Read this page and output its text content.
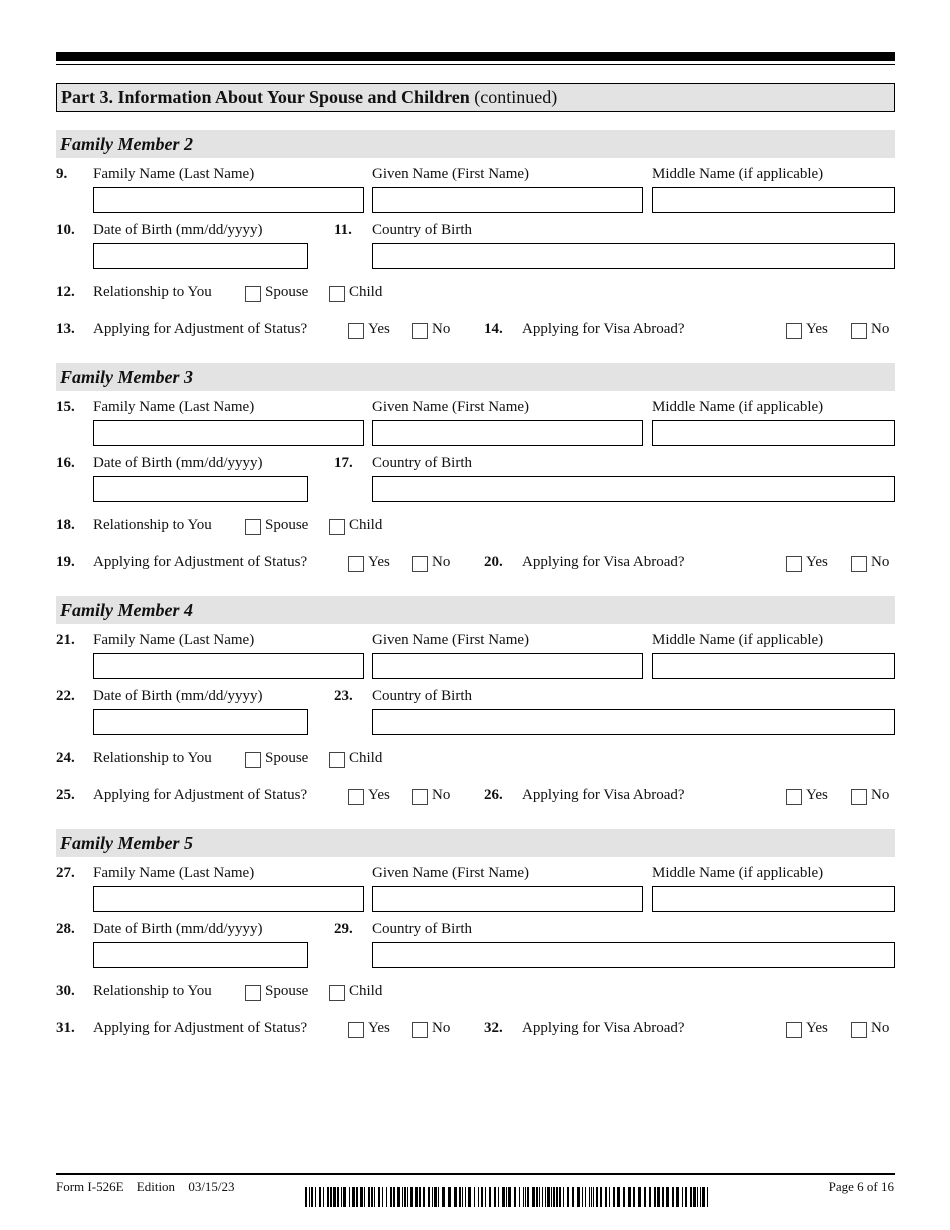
Part 3. Information About Your Spouse and Children (continued)
Family Member 2
9. Family Name (Last Name)	Given Name (First Name)	Middle Name (if applicable)
10. Date of Birth (mm/dd/yyyy)	11. Country of Birth
12. Relationship to You	Spouse	Child
13. Applying for Adjustment of Status?	Yes	No 14. Applying for Visa Abroad?	Yes	No
Family Member 3
15. Family Name (Last Name)	Given Name (First Name)	Middle Name (if applicable)
16. Date of Birth (mm/dd/yyyy)	17. Country of Birth
18. Relationship to You	Spouse	Child
19. Applying for Adjustment of Status?	Yes	No 20. Applying for Visa Abroad?	Yes	No
Family Member 4
21. Family Name (Last Name)	Given Name (First Name)	Middle Name (if applicable)
22. Date of Birth (mm/dd/yyyy)	23. Country of Birth
24. Relationship to You	Spouse	Child
25. Applying for Adjustment of Status?	Yes	No 26. Applying for Visa Abroad?	Yes	No
Family Member 5
27. Family Name (Last Name)	Given Name (First Name)	Middle Name (if applicable)
28. Date of Birth (mm/dd/yyyy)	29. Country of Birth
30. Relationship to You	Spouse	Child
31. Applying for Adjustment of Status?	Yes	No 32. Applying for Visa Abroad?	Yes	No
Form I-526E Edition 03/15/23	Page 6 of 16
